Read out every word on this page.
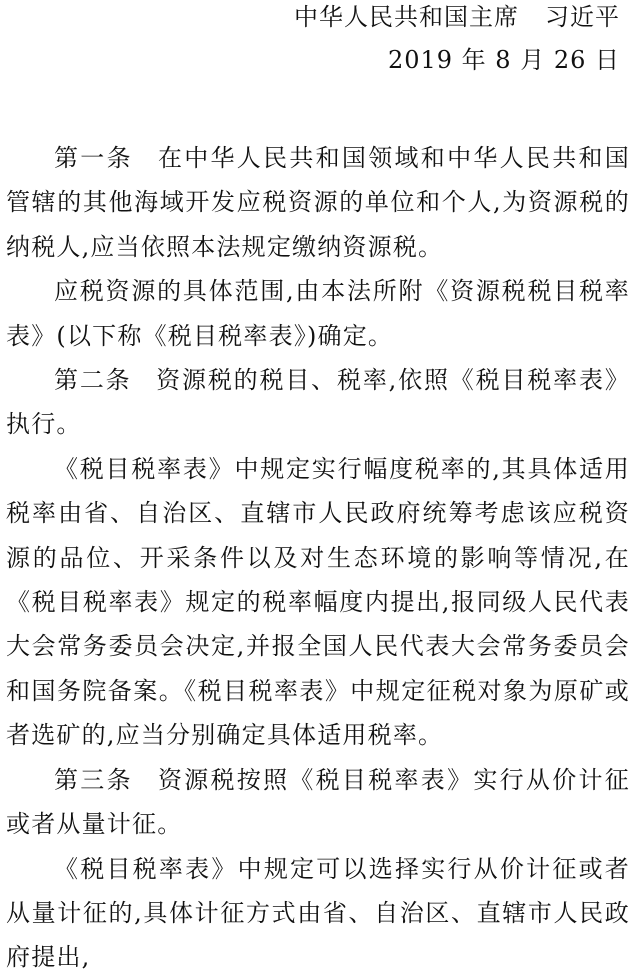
中华人民共和国主席 习近平
2019 年 8 月 26 日

第一条 在中华人民共和国领域和中华人民共和国管辖的其他海域开发应税资源的单位和个人,为资源税的纳税人,应当依照本法规定缴纳资源税。

应税资源的具体范围,由本法所附《资源税税目税率表》(以下称《税目税率表》)确定。

第二条 资源税的税目、税率,依照《税目税率表》执行。

《税目税率表》中规定实行幅度税率的,其具体适用税率由省、自治区、直辖市人民政府统筹考虑该应税资源的品位、开采条件以及对生态环境的影响等情况,在《税目税率表》规定的税率幅度内提出,报同级人民代表大会常务委员会决定,并报全国人民代表大会常务委员会和国务院备案。《税目税率表》中规定征税对象为原矿或者选矿的,应当分别确定具体适用税率。

第三条 资源税按照《税目税率表》实行从价计征或者从量计征。

《税目税率表》中规定可以选择实行从价计征或者从量计征的,具体计征方式由省、自治区、直辖市人民政府提出,
